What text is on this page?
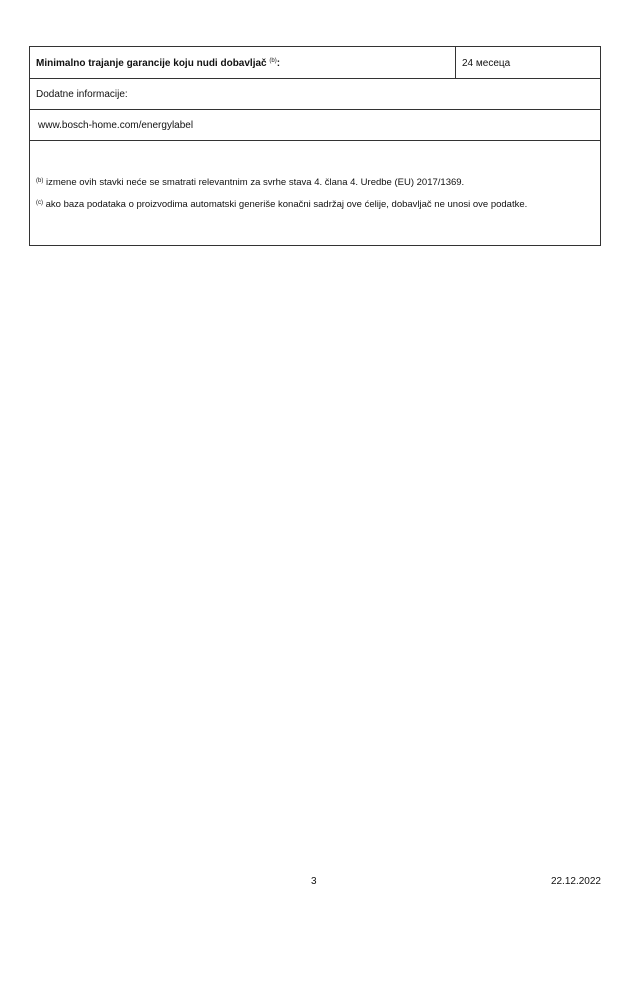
Minimalno trajanje garancije koju nudi dobavljač $^{(b)}$:	24 месеца
Dodatne informacije:
www.bosch-home.com/energylabel

$^{(b)}$ izmene ovih stavki neće se smatrati relevantnim za svrhe stava 4. člana 4. Uredbe (EU) 2017/1369.

$^{(c)}$ ako baza podataka o proizvodima automatski generiše konačni sadržaj ove ćelije, dobavljač ne unosi ove podatke.

3	22.12.2022
